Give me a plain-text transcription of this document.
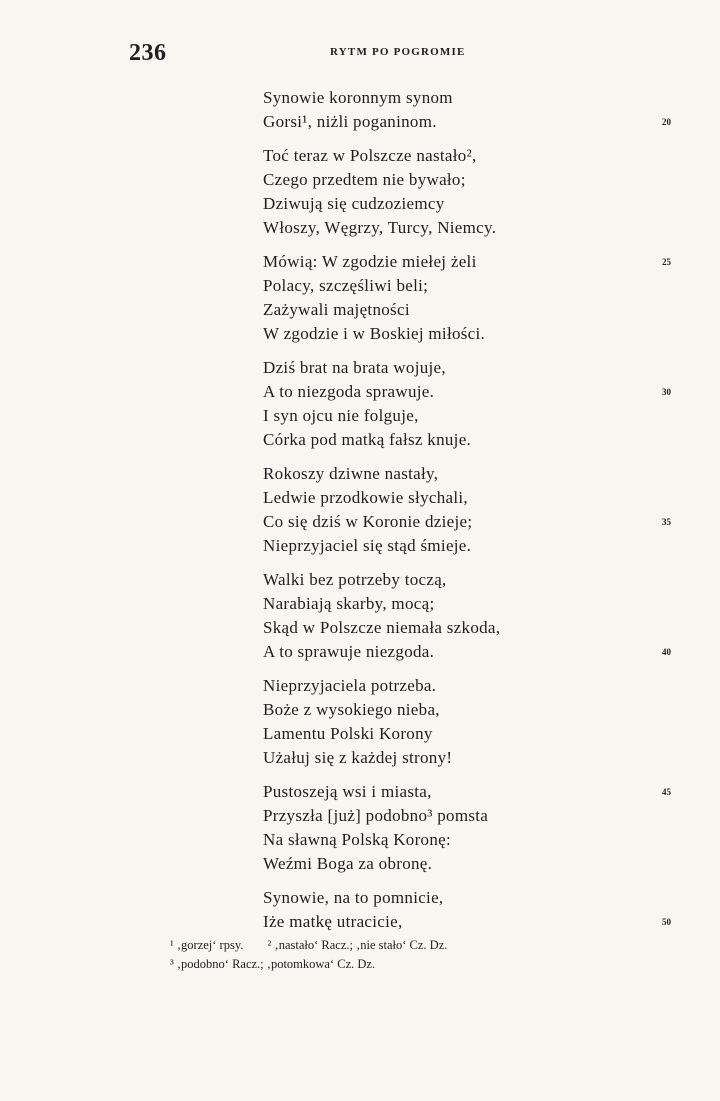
236	RYTM PO POGROMIE
Synowie koronnym synom
Gorsi¹, niżli poganinom.	20
Toć teraz w Polszcze nastało²,
Czego przedtem nie bywało;
Dziwują się cudzoziemcy
Włoszy, Węgrzy, Turcy, Niemcy.
Mówią: W zgodzie miełej żeli	25
Polacy, szczęśliwi beli;
Zażywali majętności
W zgodzie i w Boskiej miłości.
Dziś brat na brata wojuje,
A to niezgoda sprawuje.	30
I syn ojcu nie folguje,
Córka pod matką fałsz knuje.
Rokoszy dziwne nastały,
Ledwie przodkowie słychali,
Co się dziś w Koronie dzieje;	35
Nieprzyjaciel się stąd śmieje.
Walki bez potrzeby toczą,
Narabiają skarby, mocą;
Skąd w Polszcze niemała szkoda,
A to sprawuje niezgoda.	40
Nieprzyjaciela potrzeba.
Boże z wysokiego nieba,
Lamentu Polski Korony
Użałuj się z każdej strony!
Pustoszeją wsi i miasta,	45
Przyszła [już] podobno³ pomsta
Na sławną Polską Koronę:
Weźmi Boga za obronę.
Synowie, na to pomnicie,
Iże matkę utracicie,	50
¹ ‚gorzej‘ rpsy. ² ‚nastało‘ Racz.; ‚nie stało‘ Cz. Dz.
³ ‚podobno‘ Racz.; ‚potomkowa‘ Cz. Dz.
